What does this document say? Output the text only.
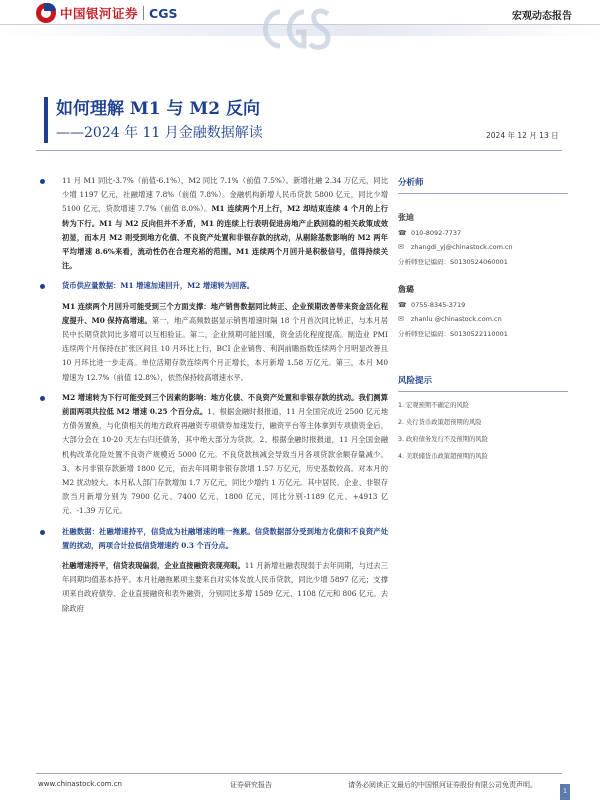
中国银河证券 CGS	宏观动态报告
如何理解 M1 与 M2 反向
——2024 年 11 月金融数据解读	2024 年 12 月 13 日

11 月 M1 同比-3.7%（前值-6.1%），M2 同比 7.1%（前值 7.5%）。新增社融 2.34 万亿元，同比少增 1197 亿元，社融增速 7.8%（前值 7.8%）。金融机构新增人民币贷款 5800 亿元，同比少增 5100 亿元，贷款增速 7.7%（前值 8.0%）。M1 连续两个月上行，M2 却结束连续 4 个月的上行转为下行。M1 与 M2 反向但并不矛盾，M1 的连续上行表明促进房地产止跌回稳的相关政策成效初显，而本月 M2 则受到地方化债、不良资产处置和非银存款的扰动，从剔除基数影响的 M2 两年平均增速 8.6%来看，流动性仍在合理充裕的范围。M1 连续两个月回升是积极信号，值得持续关注。

货币供应量数据：M1 增速加速回升，M2 增速转为回落。

M1 连续两个月回升可能受到三个方面支撑：地产销售数据同比转正、企业预期改善带来资金活化程度提升、M0 保持高增速。第一，地产高频数据显示销售增速时隔 18 个月首次同比转正，与本月居民中长期贷款同比多增可以互相验证。第二，企业预期可能回暖，资金活化程度提高。制造业 PMI 连续两个月保持在扩张区间且 10 月环比上行，BCI 企业销售、利润前瞻指数连续两个月明显改善且 10 月环比进一步走高。单位活期存款连续两个月正增长，本月新增 1.58 万亿元。第三，本月 M0 增速为 12.7%（前值 12.8%），依然保持较高增速水平。

M2 增速转为下行可能受到三个因素的影响：地方化债、不良资产处置和非银存款的扰动。我们测算前面两项共拉低 M2 增速 0.25 个百分点。1、根据金融时报报道，11 月全国完成近 2500 亿元地方债务置换，与化债相关的地方政府再融资专项债券加速发行，融资平台等主体拿到专项债资金后，大部分会在 10-20 天左右归还债务，其中绝大部分为贷款。2、根据金融时报报道，11 月全国金融机构改革化险处置不良资产规模近 5000 亿元。不良贷款核减会导致当月各项贷款余额存量减少。3、本月非银存款新增 1800 亿元，而去年同期非银存款增 1.57 万亿元，历史基数较高。对本月的 M2 扰动较大。本月私人部门存款增加 1.7 万亿元，同比少增约 1 万亿元。其中居民、企业、非银存款当月新增分别为 7900 亿元、7400 亿元、1800 亿元，同比分别-1189 亿元、+4913 亿元、-1.39 万亿元。

社融数据：社融增速持平，信贷成为社融增速的唯一拖累。信贷数据部分受到地方化债和不良资产处置的扰动，两项合计拉低信贷增速约 0.3 个百分点。

社融增速持平，信贷表现偏弱，企业直接融资表现亮眼。11 月新增社融表现弱于去年同期，与过去三年同期均值基本持平。本月社融拖累项主要来自对实体发放人民币贷款，同比少增 5897 亿元；支撑项来自政府债券、企业直接融资和表外融资，分别同比多增 1589 亿元、1108 亿元和 806 亿元。去除政府

分析师
张迪
☎ 010-8092-7737
✉	zhangdi_yj@chinastock.com.cn
分析师登记编码：S0130524060001
詹璐
☎ 0755-8345-3719
✉	zhanlu @chinastock.com.cn
分析师登记编码：S0130522110001
风险提示
1. 宏观预期不确定的风险
2. 央行货币政策超预期的风险
3. 政府债务发行不及预期的风险
4. 美联储货币政策超预期的风险
www.chinastock.com.cn	证券研究报告	请务必阅读正文最后的中国银河证券股份有限公司免责声明。
1
